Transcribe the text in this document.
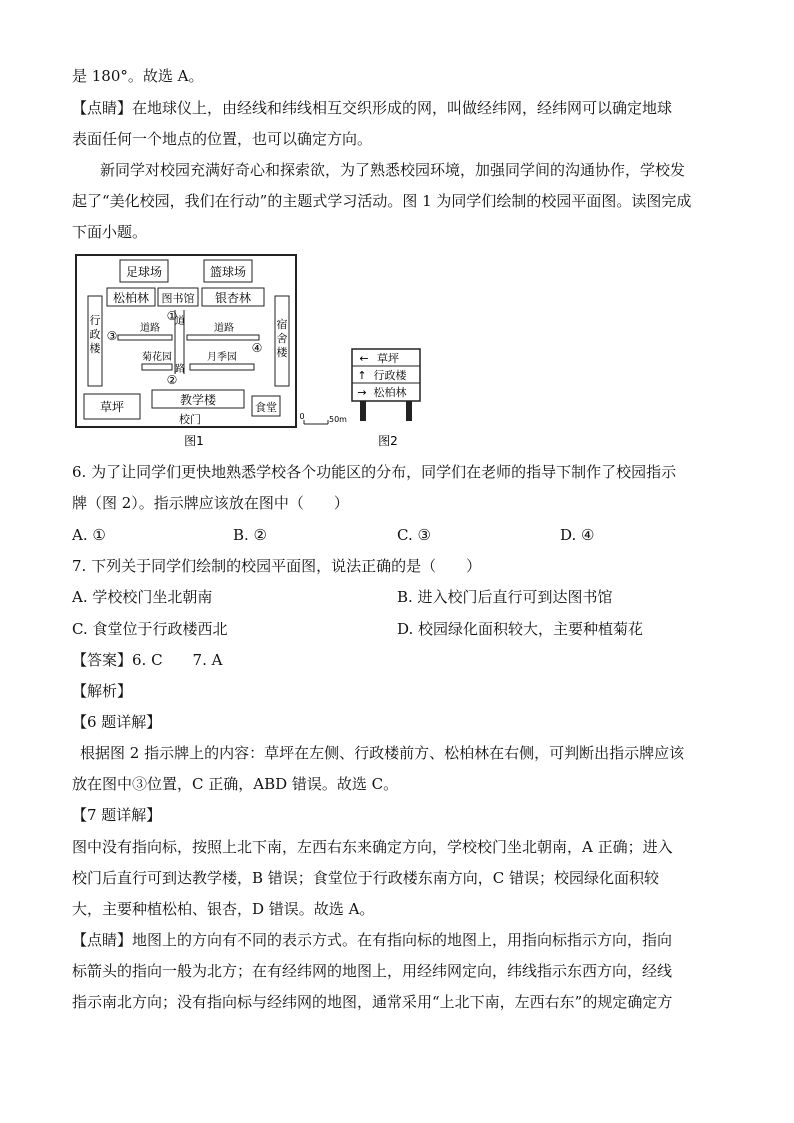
是 180°。故选 A。
【点睛】在地球仪上，由经线和纬线相互交织形成的网，叫做经纬网，经纬网可以确定地球
表面任何一个地点的位置，也可以确定方向。
新同学对校园充满好奇心和探索欲，为了熟悉校园环境，加强同学间的沟通协作，学校发
起了“美化校园，我们在行动”的主题式学习活动。图 1 为同学们绘制的校园平面图。读图完成
下面小题。
足球场	篮球场
松柏林 图书馆 银杏林
行政楼
宿舍楼
道路
道路	道路
菊花园	月季园
①
②
③
④
教学楼
草坪	食堂
校门	0	50m
图1
← 草坪
↑ 行政楼
→ 松柏林
图2
6. 为了让同学们更快地熟悉学校各个功能区的分布，同学们在老师的指导下制作了校园指示
牌（图 2）。指示牌应该放在图中（　　）
A. ①	B. ②	C. ③	D. ④
7. 下列关于同学们绘制的校园平面图，说法正确的是（　　）
A. 学校校门坐北朝南	B. 进入校门后直行可到达图书馆
C. 食堂位于行政楼西北	D. 校园绿化面积较大，主要种植菊花
【答案】6. C　　7. A
【解析】
【6 题详解】
根据图 2 指示牌上的内容：草坪在左侧、行政楼前方、松柏林在右侧，可判断出指示牌应该
放在图中③位置，C 正确，ABD 错误。故选 C。
【7 题详解】
图中没有指向标，按照上北下南，左西右东来确定方向，学校校门坐北朝南，A 正确；进入
校门后直行可到达教学楼，B 错误；食堂位于行政楼东南方向，C 错误；校园绿化面积较
大，主要种植松柏、银杏，D 错误。故选 A。
【点睛】地图上的方向有不同的表示方式。在有指向标的地图上，用指向标指示方向，指向
标箭头的指向一般为北方；在有经纬网的地图上，用经纬网定向，纬线指示东西方向，经线
指示南北方向；没有指向标与经纬网的地图，通常采用“上北下南，左西右东”的规定确定方
